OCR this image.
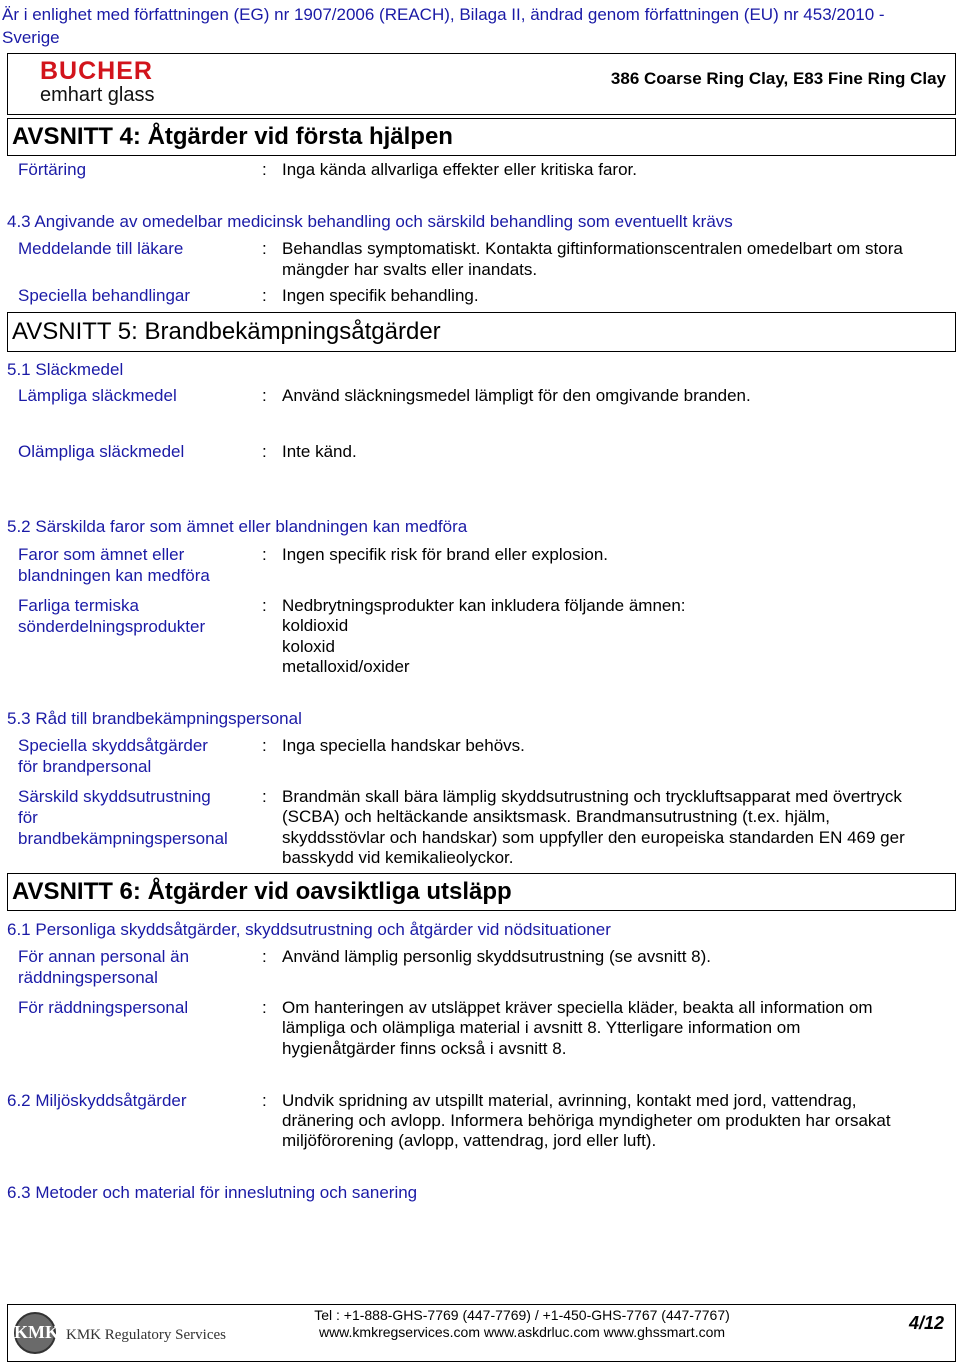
Är i enlighet med författningen (EG) nr 1907/2006 (REACH), Bilaga II, ändrad genom författningen (EU) nr 453/2010 - Sverige
BUCHER
emhart glass
386 Coarse Ring Clay, E83 Fine Ring Clay
AVSNITT 4: Åtgärder vid första hjälpen
Förtäring	: Inga kända allvarliga effekter eller kritiska faror.
4.3 Angivande av omedelbar medicinsk behandling och särskild behandling som eventuellt krävs
Meddelande till läkare	: Behandlas symptomatiskt. Kontakta giftinformationscentralen omedelbart om stora
mängder har svalts eller inandats.
Speciella behandlingar	: Ingen specifik behandling.
AVSNITT 5: Brandbekämpningsåtgärder
5.1 Släckmedel
Lämpliga släckmedel	: Använd släckningsmedel lämpligt för den omgivande branden.
Olämpliga släckmedel	: Inte känd.
5.2 Särskilda faror som ämnet eller blandningen kan medföra
Faror som ämnet eller
blandningen kan medföra
: Ingen specifik risk för brand eller explosion.
Farliga termiska
sönderdelningsprodukter
: Nedbrytningsprodukter kan inkludera följande ämnen:
koldioxid
koloxid
metalloxid/oxider
5.3 Råd till brandbekämpningspersonal
Speciella skyddsåtgärder
för brandpersonal
: Inga speciella handskar behövs.
Särskild skyddsutrustning
för
brandbekämpningspersonal
: Brandmän skall bära lämplig skyddsutrustning och tryckluftsapparat med övertryck
(SCBA) och heltäckande ansiktsmask. Brandmansutrustning (t.ex. hjälm,
skyddsstövlar och handskar) som uppfyller den europeiska standarden EN 469 ger
basskydd vid kemikalieolyckor.
AVSNITT 6: Åtgärder vid oavsiktliga utsläpp
6.1 Personliga skyddsåtgärder, skyddsutrustning och åtgärder vid nödsituationer
För annan personal än
räddningspersonal
: Använd lämplig personlig skyddsutrustning (se avsnitt 8).
För räddningspersonal	: Om hanteringen av utsläppet kräver speciella kläder, beakta all information om
lämpliga och olämpliga material i avsnitt 8. Ytterligare information om
hygienåtgärder finns också i avsnitt 8.
6.2 Miljöskyddsåtgärder	: Undvik spridning av utspillt material, avrinning, kontakt med jord, vattendrag,
dränering och avlopp. Informera behöriga myndigheter om produkten har orsakat
miljöförorening (avlopp, vattendrag, jord eller luft).
6.3 Metoder och material för inneslutning och sanering
KMK KMK Regulatory Services
Tel : +1-888-GHS-7769 (447-7769) / +1-450-GHS-7767 (447-7767)
www.kmkregservices.com www.askdrluc.com www.ghssmart.com	4/12
